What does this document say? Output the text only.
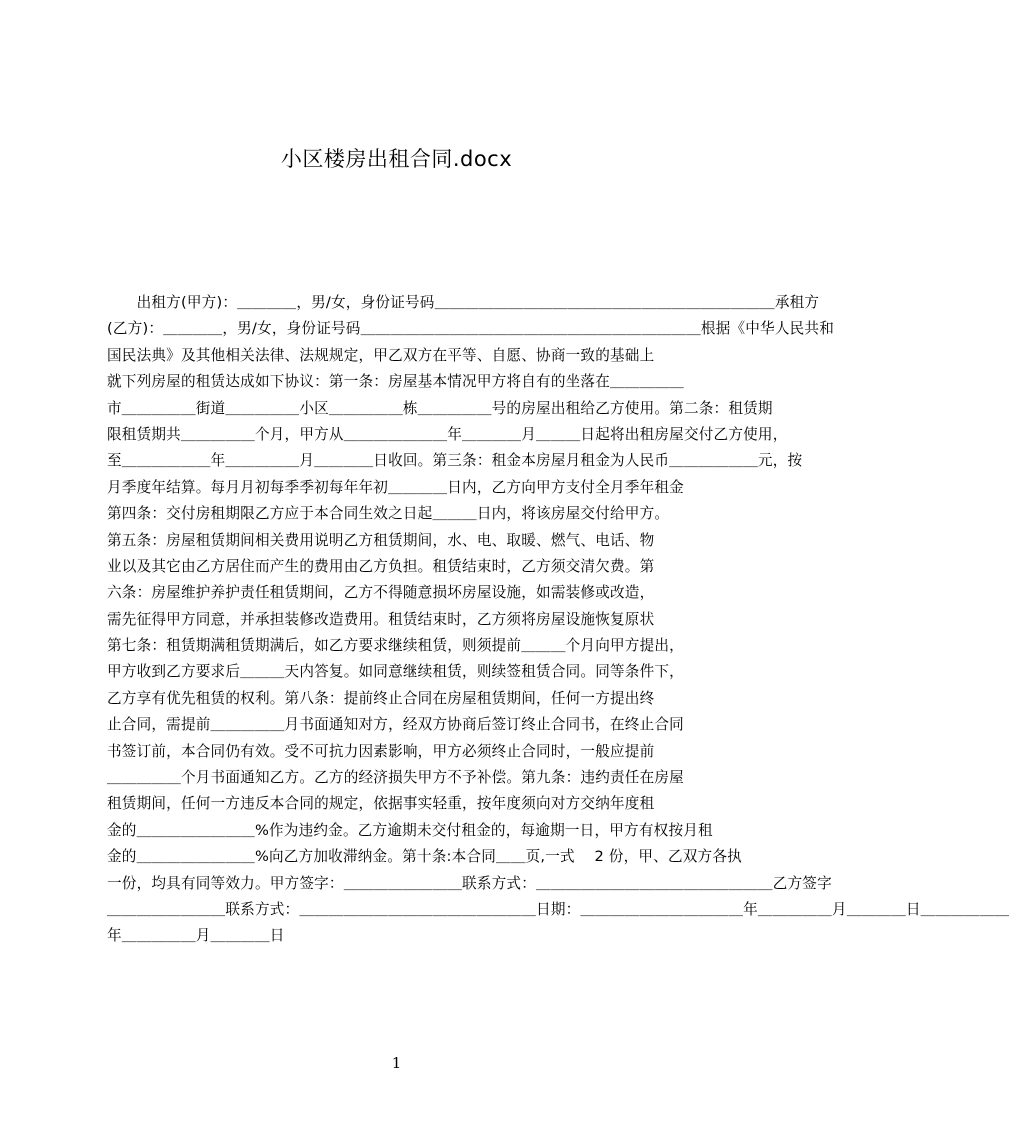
小区楼房出租合同.docx
　　出租方(甲方)：＿＿＿＿，男/女，身份证号码＿＿＿＿＿＿＿＿＿＿＿＿＿＿＿＿＿＿＿＿＿＿＿承租方
(乙方)：＿＿＿＿，男/女，身份证号码＿＿＿＿＿＿＿＿＿＿＿＿＿＿＿＿＿＿＿＿＿＿＿根据《中华人民共和
国民法典》及其他相关法律、法规规定，甲乙双方在平等、自愿、协商一致的基础上
就下列房屋的租赁达成如下协议：第一条：房屋基本情况甲方将自有的坐落在＿＿＿＿＿
市＿＿＿＿＿街道＿＿＿＿＿小区＿＿＿＿＿栋＿＿＿＿＿号的房屋出租给乙方使用。第二条：租赁期
限租赁期共＿＿＿＿＿个月，甲方从＿＿＿＿＿＿＿年＿＿＿＿月＿＿＿日起将出租房屋交付乙方使用，
至＿＿＿＿＿＿年＿＿＿＿＿月＿＿＿＿日收回。第三条：租金本房屋月租金为人民币＿＿＿＿＿＿元，按
月季度年结算。每月月初每季季初每年年初＿＿＿＿日内，乙方向甲方支付全月季年租金
第四条：交付房租期限乙方应于本合同生效之日起＿＿＿日内，将该房屋交付给甲方。
第五条：房屋租赁期间相关费用说明乙方租赁期间，水、电、取暖、燃气、电话、物
业以及其它由乙方居住而产生的费用由乙方负担。租赁结束时，乙方须交清欠费。第
六条：房屋维护养护责任租赁期间，乙方不得随意损坏房屋设施，如需装修或改造，
需先征得甲方同意，并承担装修改造费用。租赁结束时，乙方须将房屋设施恢复原状
第七条：租赁期满租赁期满后，如乙方要求继续租赁，则须提前＿＿＿个月向甲方提出，
甲方收到乙方要求后＿＿＿天内答复。如同意继续租赁，则续签租赁合同。同等条件下，
乙方享有优先租赁的权利。第八条：提前终止合同在房屋租赁期间，任何一方提出终
止合同，需提前＿＿＿＿＿月书面通知对方，经双方协商后签订终止合同书，在终止合同
书签订前，本合同仍有效。受不可抗力因素影响，甲方必须终止合同时，一般应提前
＿＿＿＿＿个月书面通知乙方。乙方的经济损失甲方不予补偿。第九条：违约责任在房屋
租赁期间，任何一方违反本合同的规定，依据事实轻重，按年度须向对方交纳年度租
金的＿＿＿＿＿＿＿＿%作为违约金。乙方逾期未交付租金的，每逾期一日，甲方有权按月租
金的＿＿＿＿＿＿＿＿%向乙方加收滞纳金。第十条:本合同＿＿页,一式　 2 份，甲、乙双方各执
一份，均具有同等效力。甲方签字：＿＿＿＿＿＿＿＿联系方式：＿＿＿＿＿＿＿＿＿＿＿＿＿＿＿＿乙方签字
＿＿＿＿＿＿＿＿联系方式：＿＿＿＿＿＿＿＿＿＿＿＿＿＿＿＿日期：＿＿＿＿＿＿＿＿＿＿＿年＿＿＿＿＿月＿＿＿＿日＿＿＿＿＿＿
年＿＿＿＿＿月＿＿＿＿日
1
